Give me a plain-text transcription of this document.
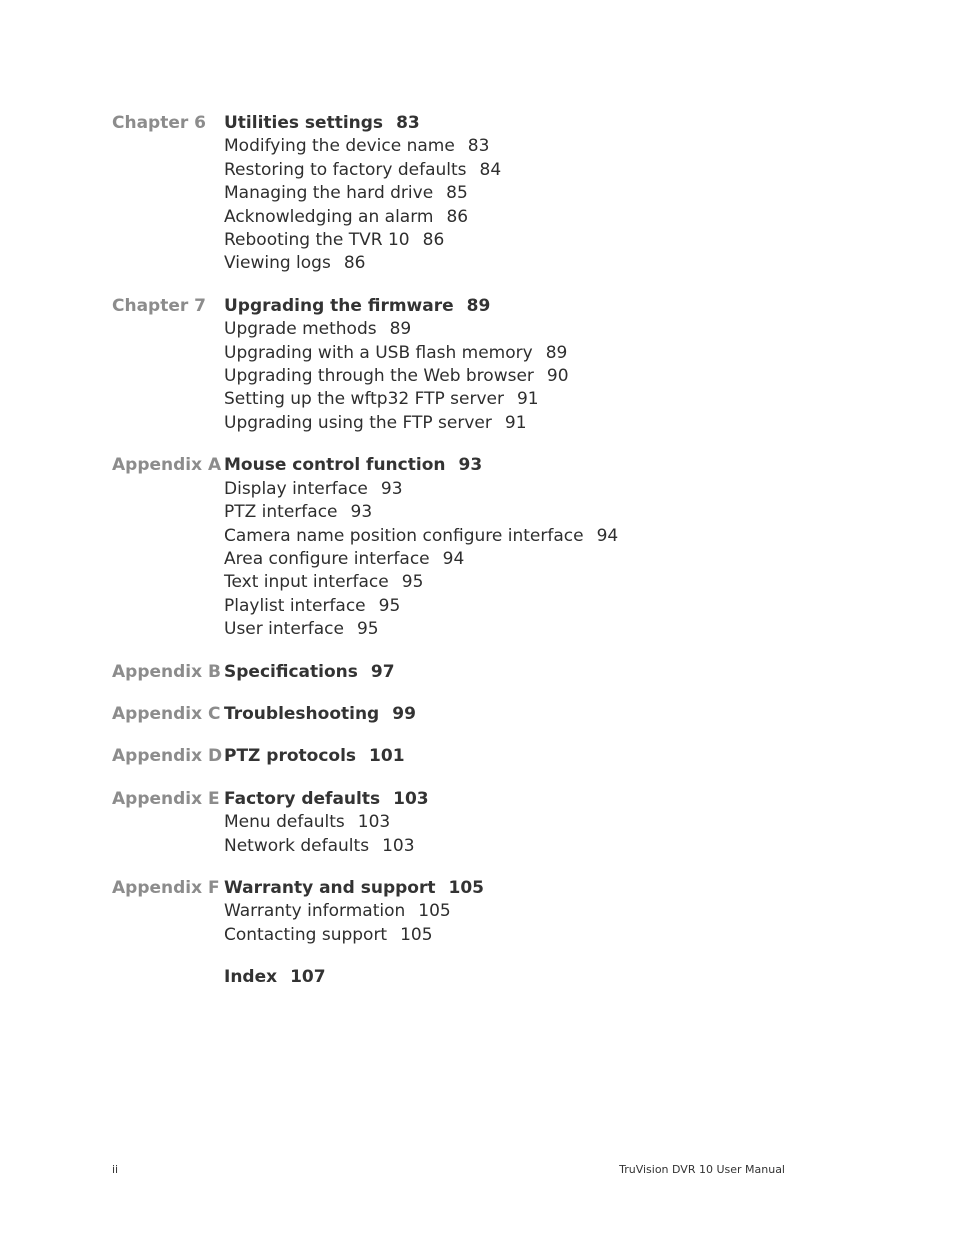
Chapter 6	Utilities settings 83
Modifying the device name 83
Restoring to factory defaults 84
Managing the hard drive 85
Acknowledging an alarm 86
Rebooting the TVR 10 86
Viewing logs 86
Chapter 7	Upgrading the firmware 89
Upgrade methods 89
Upgrading with a USB flash memory 89
Upgrading through the Web browser 90
Setting up the wftp32 FTP server 91
Upgrading using the FTP server 91
Appendix A Mouse control function 93
Display interface 93
PTZ interface 93
Camera name position configure interface 94
Area configure interface 94
Text input interface 95
Playlist interface 95
User interface 95
Appendix B Specifications 97
Appendix C Troubleshooting 99
Appendix D PTZ protocols 101
Appendix E Factory defaults 103
Menu defaults 103
Network defaults 103
Appendix F Warranty and support 105
Warranty information 105
Contacting support 105
Index 107
ii	TruVision DVR 10 User Manual
